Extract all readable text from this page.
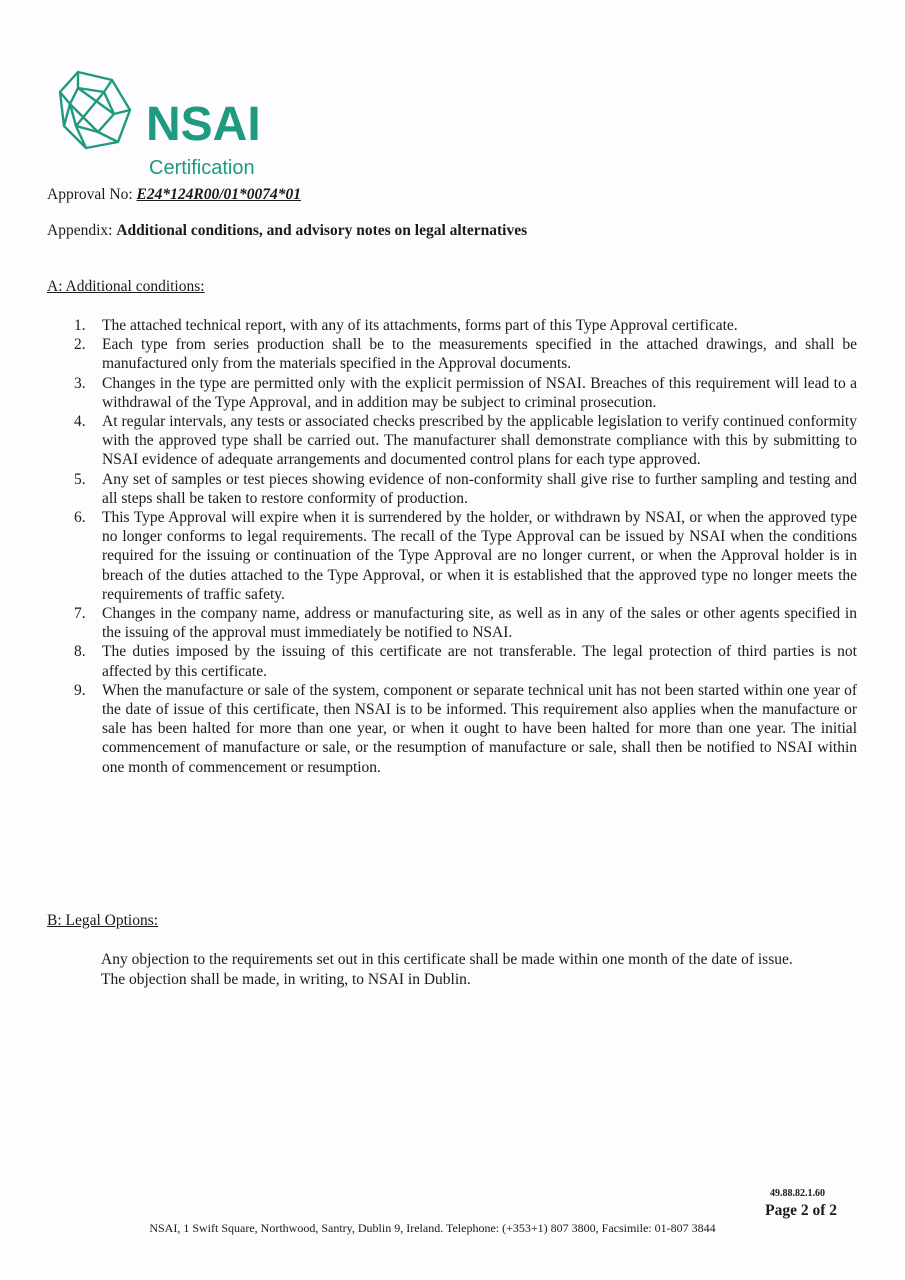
NSAI
Certification
Approval No: E24*124R00/01*0074*01
Appendix: Additional conditions, and advisory notes on legal alternatives
A: Additional conditions:
1. The attached technical report, with any of its attachments, forms part of this Type Approval certificate.
2. Each type from series production shall be to the measurements specified in the attached drawings, and shall be manufactured only from the materials specified in the Approval documents.
3. Changes in the type are permitted only with the explicit permission of NSAI. Breaches of this requirement will lead to a withdrawal of the Type Approval, and in addition may be subject to criminal prosecution.
4. At regular intervals, any tests or associated checks prescribed by the applicable legislation to verify continued conformity with the approved type shall be carried out. The manufacturer shall demonstrate compliance with this by submitting to NSAI evidence of adequate arrangements and documented control plans for each type approved.
5. Any set of samples or test pieces showing evidence of non-conformity shall give rise to further sampling and testing and all steps shall be taken to restore conformity of production.
6. This Type Approval will expire when it is surrendered by the holder, or withdrawn by NSAI, or when the approved type no longer conforms to legal requirements. The recall of the Type Approval can be issued by NSAI when the conditions required for the issuing or continuation of the Type Approval are no longer current, or when the Approval holder is in breach of the duties attached to the Type Approval, or when it is established that the approved type no longer meets the requirements of traffic safety.
7. Changes in the company name, address or manufacturing site, as well as in any of the sales or other agents specified in the issuing of the approval must immediately be notified to NSAI.
8. The duties imposed by the issuing of this certificate are not transferable. The legal protection of third parties is not affected by this certificate.
9. When the manufacture or sale of the system, component or separate technical unit has not been started within one year of the date of issue of this certificate, then NSAI is to be informed. This requirement also applies when the manufacture or sale has been halted for more than one year, or when it ought to have been halted for more than one year. The initial commencement of manufacture or sale, or the resumption of manufacture or sale, shall then be notified to NSAI within one month of commencement or resumption.
B: Legal Options:

Any objection to the requirements set out in this certificate shall be made within one month of the date of issue.

The objection shall be made, in writing, to NSAI in Dublin.

49.88.82.1.60
Page 2 of 2
NSAI, 1 Swift Square, Northwood, Santry, Dublin 9, Ireland. Telephone: (+353+1) 807 3800, Facsimile: 01-807 3844
